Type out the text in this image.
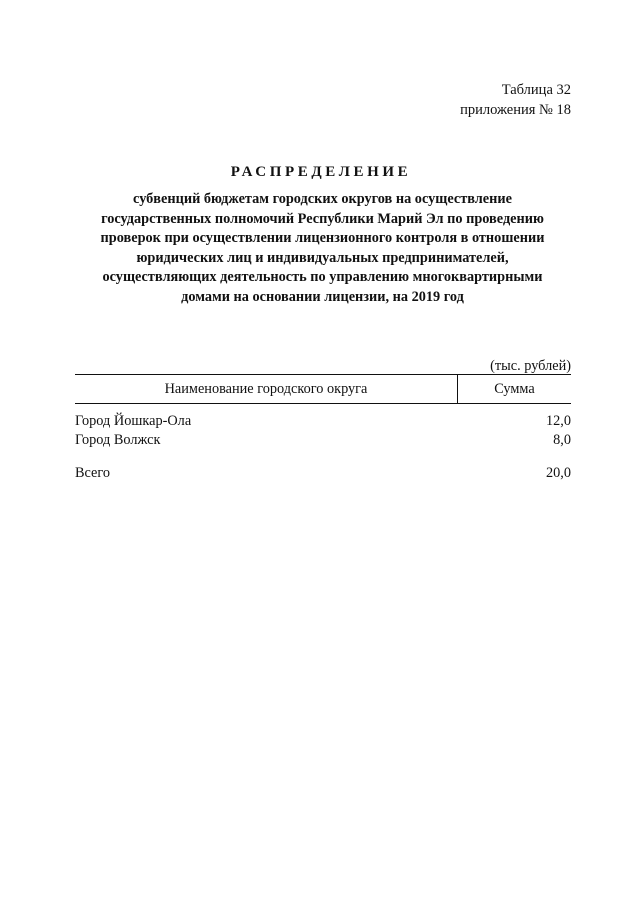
Таблица 32
приложения № 18
РАСПРЕДЕЛЕНИЕ
субвенций бюджетам городских округов на осуществление
государственных полномочий Республики Марий Эл по проведению
проверок при осуществлении лицензионного контроля в отношении
юридических лиц и индивидуальных предпринимателей,
осуществляющих деятельность по управлению многоквартирными
домами на основании лицензии, на 2019 год
(тыс. рублей)
Наименование городского округа	Сумма
Город Йошкар-Ола	12,0
Город Волжск	8,0
Всего	20,0
